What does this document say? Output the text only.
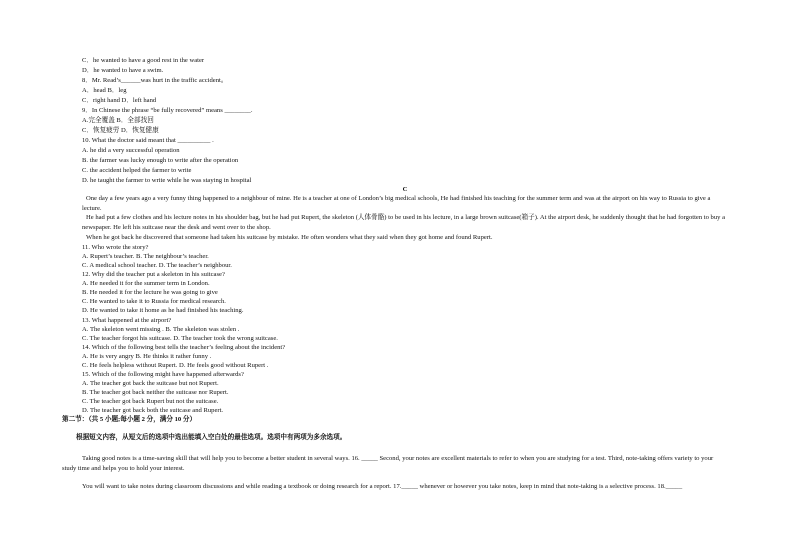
C．he wanted to have a good rest in the water
D．he wanted to have a swim.
8．Mr. Read’s______was hurt in the traffic accident。
A．head B．leg
C．right hand D．left hand
9．In Chinese the phrase “be fully recovered” means ________.
A.完全覆盖 B．全部找回
C．恢复疲劳 D．恢复健康
10. What the doctor said meant that __________ .
A. he did a very successful operation
B. the farmer was lucky enough to write after the operation
C. the accident helped the farmer to write
D. he taught the farmer to write while he was staying in hospital
C
One day a few years ago a very funny thing happened to a neighbour of mine. He is a teacher at one of London’s big medical schools, He had finished his teaching for the summer term and was at the airport on his way to Russia to give a lecture.
He had put a few clothes and his lecture notes in his shoulder bag, but he had put Rupert, the skeleton (人体骨骼) to be used in his lecture, in a large brown suitcase(箱子). At the airport desk, he suddenly thought that he had forgotten to buy a newspaper. He left his suitcase near the desk and went over to the shop.
When he got back he discovered that someone had taken his suitcase by mistake. He often wonders what they said when they got home and found Rupert.
11. Who wrote the story?
A. Rupert’s teacher. B. The neighbour’s teacher.
C. A medical school teacher. D. The teacher’s neighbour.
12. Why did the teacher put a skeleton in his suitcase?
A. He needed it for the summer term in London.
B. He needed it for the lecture he was going to give
C. He wanted to take it to Russia for medical research.
D. He wanted to take it home as he had finished his teaching.
13. What happened at the airport?
A. The skeleton went missing . B. The skeleton was stolen .
C. The teacher forgot his suitcase. D. The teacher took the wrong suitcase.
14. Which of the following best tells the teacher’s feeling about the incident?
A. He is very angry B. He thinks it rather funny .
C. He feels helpless without Rupert. D. He feels good without Rupert .
15. Which of the following might have happened afterwards?
A. The teacher got back the suitcase but not Rupert.
B. The teacher got back neither the suitcase nor Rupert.
C. The teacher got back Rupert but not the suitcase.
D. The teacher got back both the suitcase and Rupert.
第二节：（共 5 小题;每小题 2 分，满分 10 分）
根据短文内容，从短文后的选项中选出能填入空白处的最佳选项。选项中有两项为多余选项。
Taking good notes is a time-saving skill that will help you to become a better student in several ways. 16. _____ Second, your notes are excellent materials to refer to when you are studying for a test. Third, note-taking offers variety to your study time and helps you to hold your interest.
You will want to take notes during classroom discussions and while reading a textbook or doing research for a report. 17._____ whenever or however you take notes, keep in mind that note-taking is a selective process. 18._____
